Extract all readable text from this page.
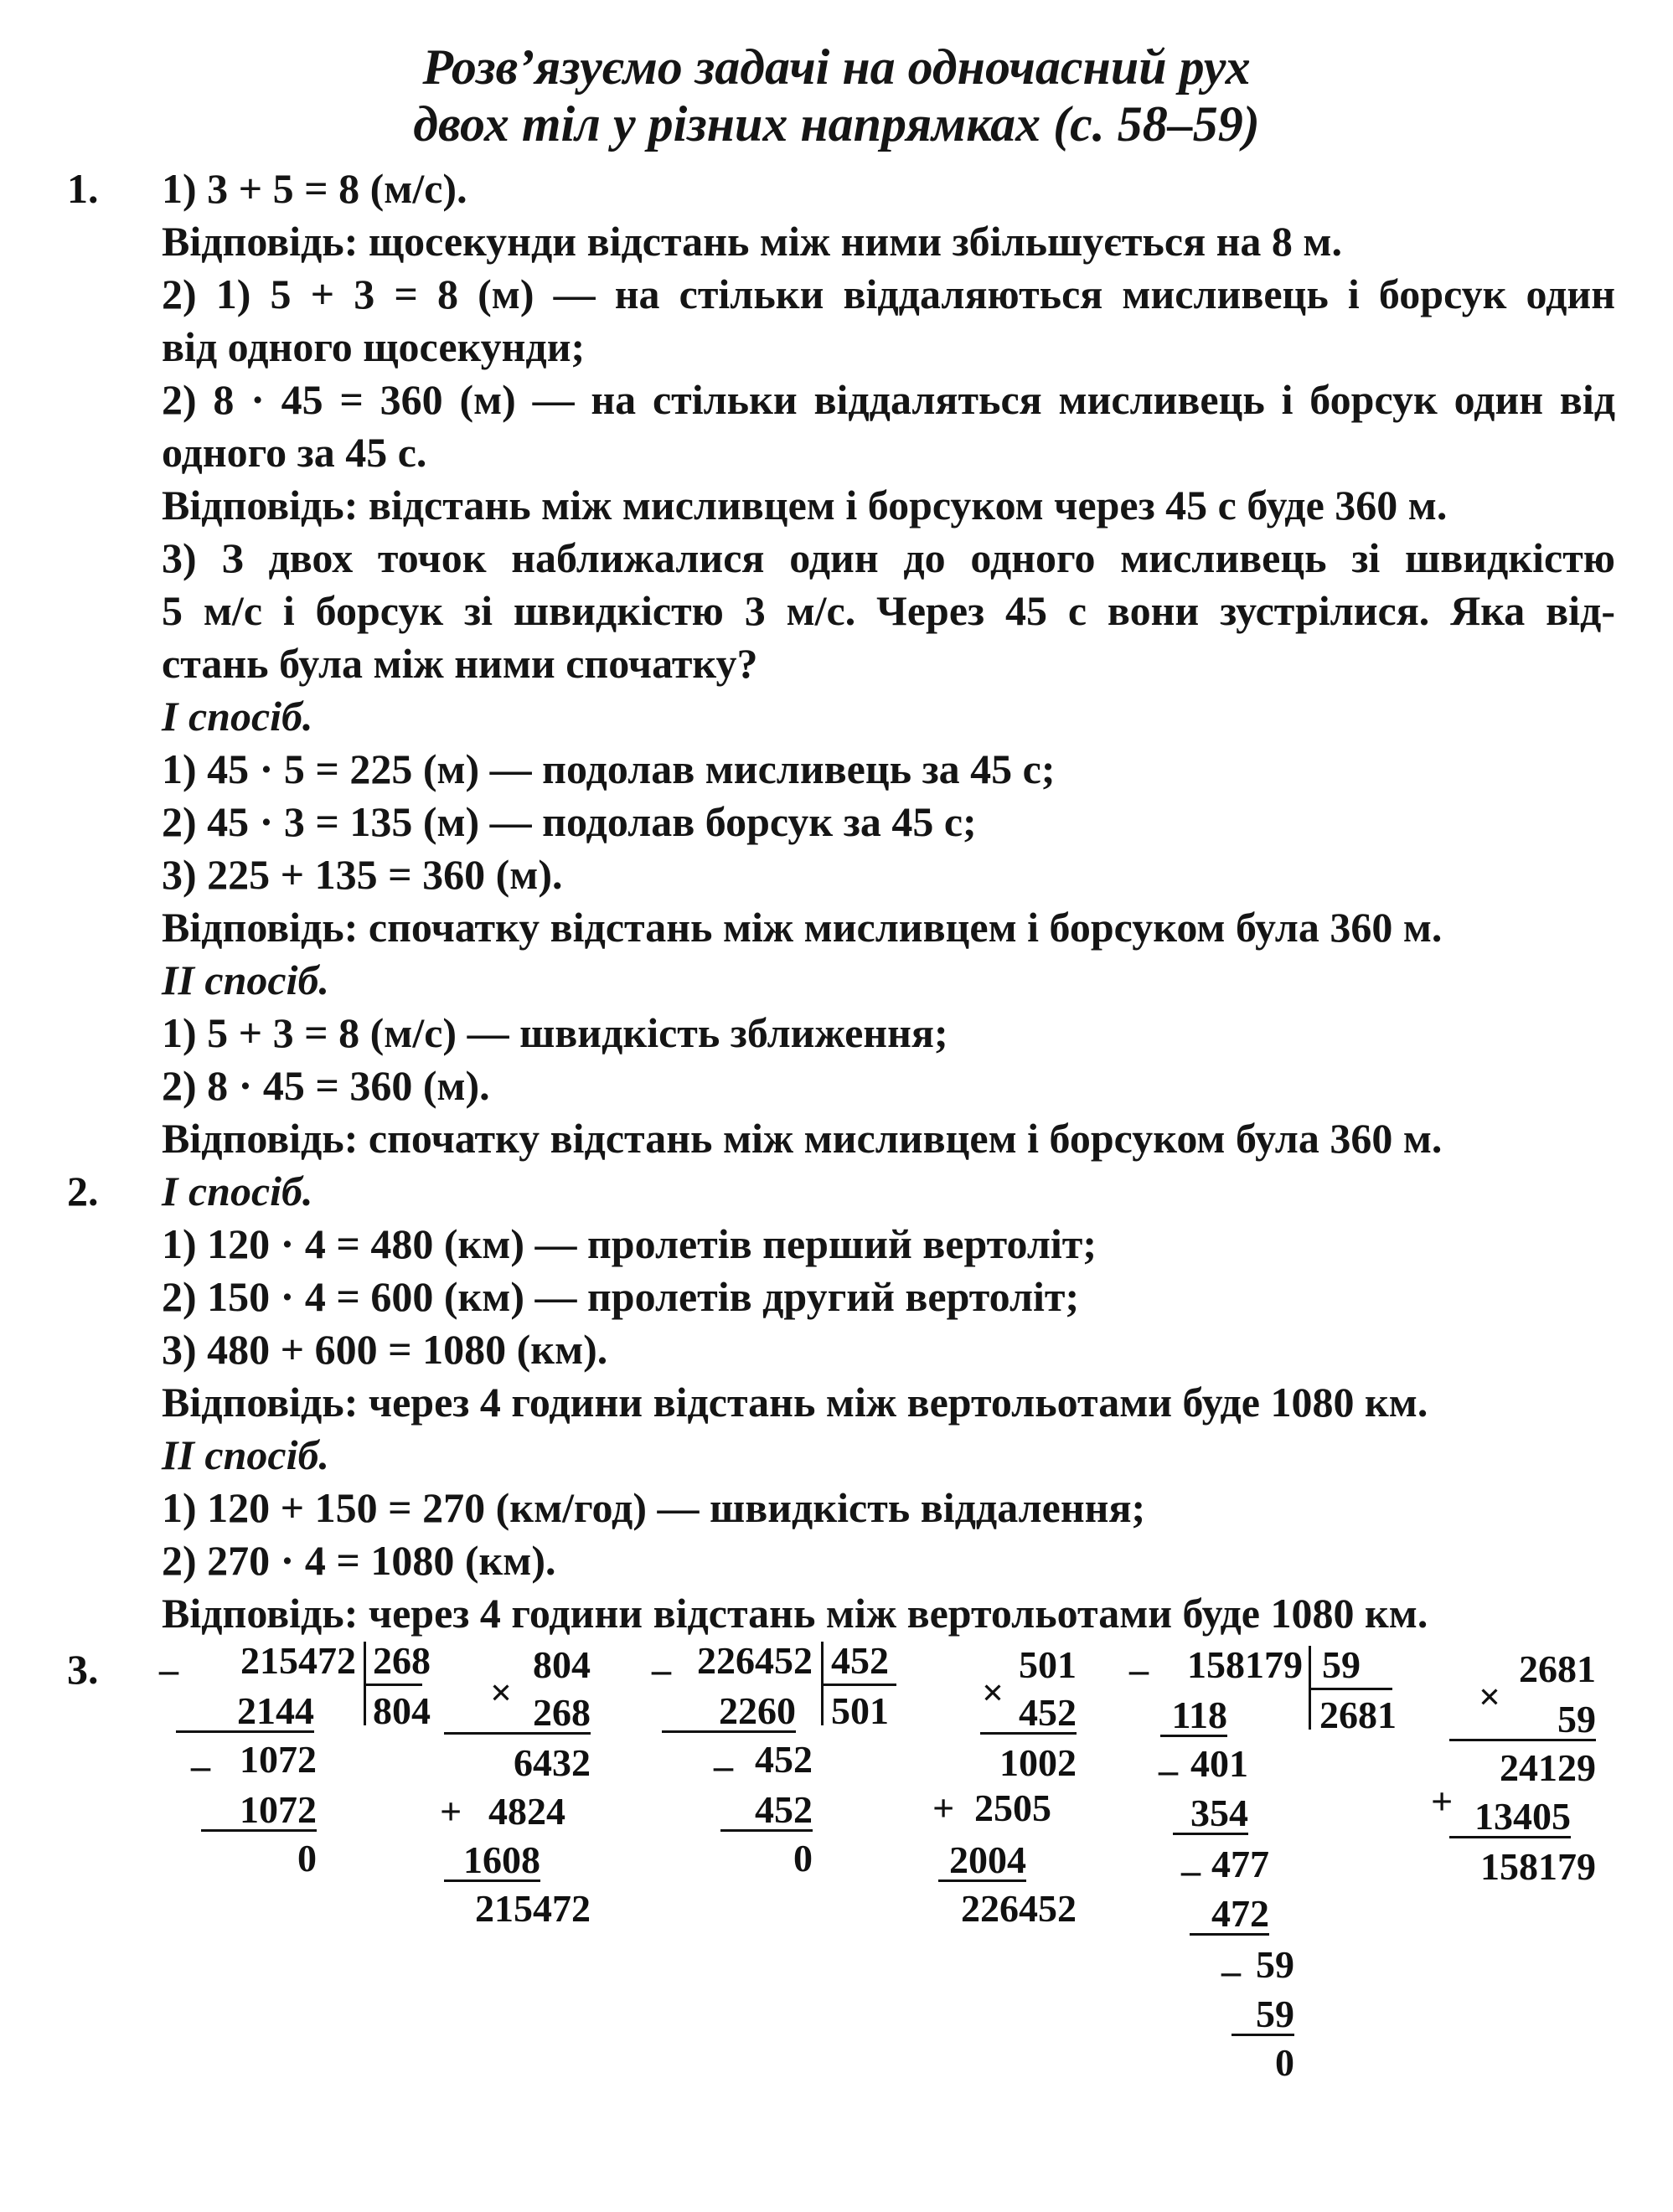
Розв’язуємо задачі на одночасний рух
двох тіл у різних напрямках (с. 58–59)
1. 1) 3 + 5 = 8 (м/с).
Відповідь: щосекунди відстань між ними збільшується на 8 м.
2) 1) 5 + 3 = 8 (м) — на стільки віддаляються мисливець і борсук один
від одного щосекунди;
2) 8 · 45 = 360 (м) — на стільки віддалятьcя мисливець і борсук один від
одного за 45 с.
Відповідь: відстань між мисливцем і борсуком через 45 с буде 360 м.
3) З двох точок наближалися один до одного мисливець зі швидкістю
5 м/с і борсук зі швидкістю 3 м/с. Через 45 с вони зустрілися. Яка від-
стань була між ними спочатку?
І спосіб.
1) 45 · 5 = 225 (м) — подолав мисливець за 45 с;
2) 45 · 3 = 135 (м) — подолав борсук за 45 с;
3) 225 + 135 = 360 (м).
Відповідь: спочатку відстань між мисливцем і борсуком була 360 м.
ІІ спосіб.
1) 5 + 3 = 8 (м/с) — швидкість зближення;
2) 8 · 45 = 360 (м).
Відповідь: спочатку відстань між мисливцем і борсуком була 360 м.
2. І спосіб.
1) 120 · 4 = 480 (км) — пролетів перший вертоліт;
2) 150 · 4 = 600 (км) — пролетів другий вертоліт;
3) 480 + 600 = 1080 (км).
Відповідь: через 4 години відстань між вертольотами буде 1080 км.
ІІ спосіб.
1) 120 + 150 = 270 (км/год) — швидкість віддалення;
2) 270 · 4 = 1080 (км).
Відповідь: через 4 години відстань між вертольотами буде 1080 км.
3. _	215472 268
804
2144
_ 1072
1072
0
804
× 268
6432
+ 4824
1608
215472
_ 226452 452
501
2260
_ 452
452
0
501
× 452
1002
+ 2505
2004
226452
_	158179 59
2681
118
_ 401
354
_ 477
472
_ 59
59
0
2681
×
59
24129
+ 13405
158179
